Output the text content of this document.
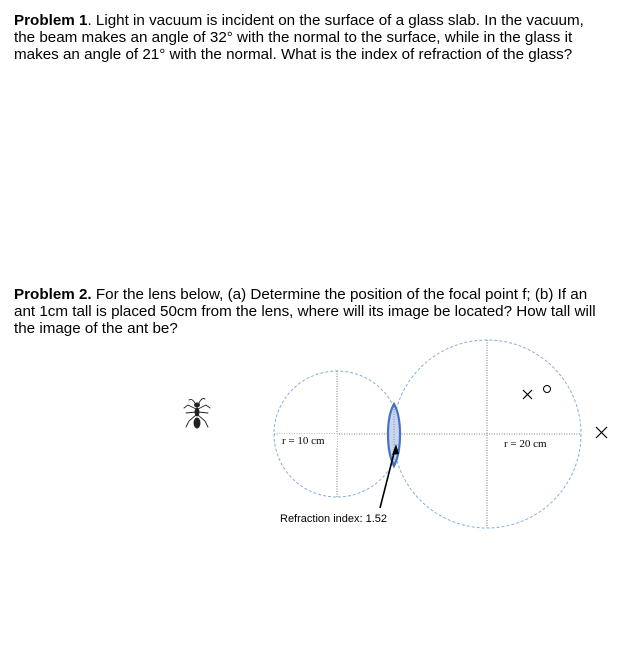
Problem 1. Light in vacuum is incident on the surface of a glass slab. In the vacuum, the beam makes an angle of 32° with the normal to the surface, while in the glass it makes an angle of 21° with the normal. What is the index of refraction of the glass?
Problem 2. For the lens below, (a) Determine the position of the focal point f; (b) If an ant 1cm tall is placed 50cm from the lens, where will its image be located? How tall will the image of the ant be?
r = 10 cm	r = 20 cm
Refraction index: 1.52
